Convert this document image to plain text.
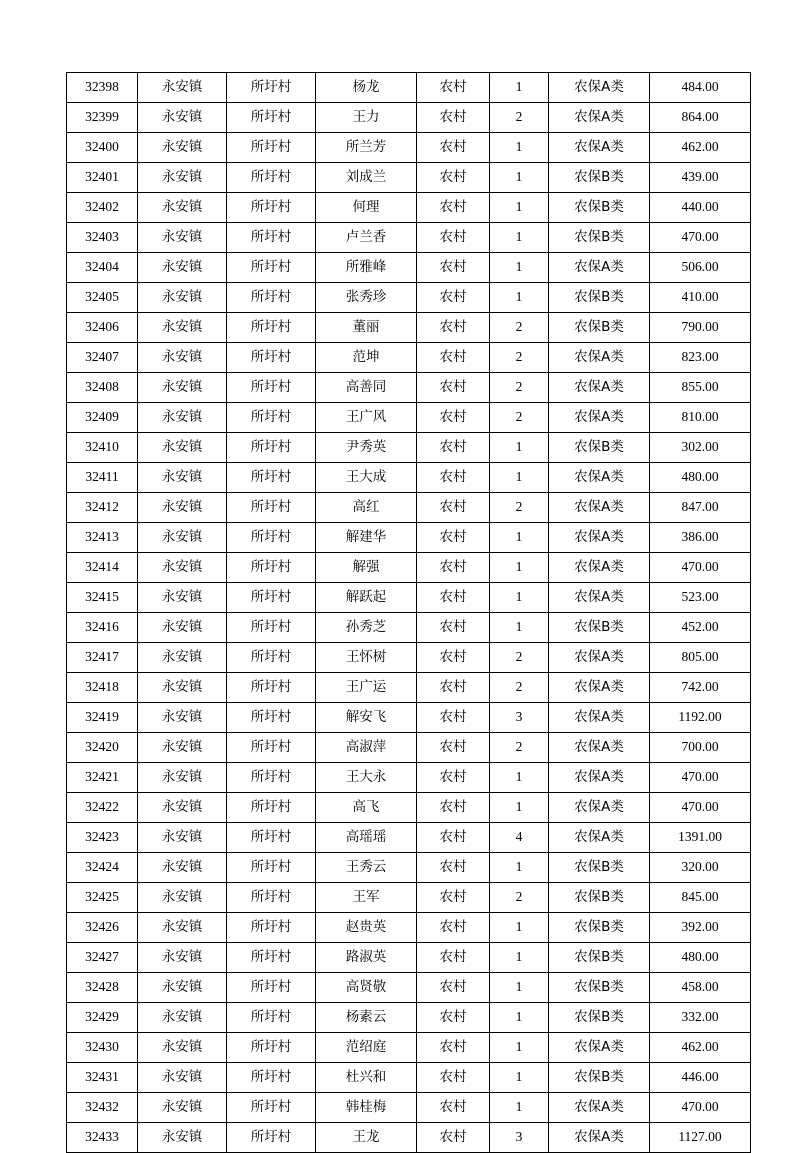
32398	永安镇	所圩村	杨龙	农村	1	农保A类	484.00
32399	永安镇	所圩村	王力	农村	2	农保A类	864.00
32400	永安镇	所圩村	所兰芳	农村	1	农保A类	462.00
32401	永安镇	所圩村	刘成兰	农村	1	农保B类	439.00
32402	永安镇	所圩村	何理	农村	1	农保B类	440.00
32403	永安镇	所圩村	卢兰香	农村	1	农保B类	470.00
32404	永安镇	所圩村	所雅峰	农村	1	农保A类	506.00
32405	永安镇	所圩村	张秀珍	农村	1	农保B类	410.00
32406	永安镇	所圩村	董丽	农村	2	农保B类	790.00
32407	永安镇	所圩村	范坤	农村	2	农保A类	823.00
32408	永安镇	所圩村	高善同	农村	2	农保A类	855.00
32409	永安镇	所圩村	王广风	农村	2	农保A类	810.00
32410	永安镇	所圩村	尹秀英	农村	1	农保B类	302.00
32411	永安镇	所圩村	王大成	农村	1	农保A类	480.00
32412	永安镇	所圩村	高红	农村	2	农保A类	847.00
32413	永安镇	所圩村	解建华	农村	1	农保A类	386.00
32414	永安镇	所圩村	解强	农村	1	农保A类	470.00
32415	永安镇	所圩村	解跃起	农村	1	农保A类	523.00
32416	永安镇	所圩村	孙秀芝	农村	1	农保B类	452.00
32417	永安镇	所圩村	王怀树	农村	2	农保A类	805.00
32418	永安镇	所圩村	王广运	农村	2	农保A类	742.00
32419	永安镇	所圩村	解安飞	农村	3	农保A类	1192.00
32420	永安镇	所圩村	高淑萍	农村	2	农保A类	700.00
32421	永安镇	所圩村	王大永	农村	1	农保A类	470.00
32422	永安镇	所圩村	高飞	农村	1	农保A类	470.00
32423	永安镇	所圩村	高瑶瑶	农村	4	农保A类	1391.00
32424	永安镇	所圩村	王秀云	农村	1	农保B类	320.00
32425	永安镇	所圩村	王军	农村	2	农保B类	845.00
32426	永安镇	所圩村	赵贵英	农村	1	农保B类	392.00
32427	永安镇	所圩村	路淑英	农村	1	农保B类	480.00
32428	永安镇	所圩村	高贤敬	农村	1	农保B类	458.00
32429	永安镇	所圩村	杨素云	农村	1	农保B类	332.00
32430	永安镇	所圩村	范绍庭	农村	1	农保A类	462.00
32431	永安镇	所圩村	杜兴和	农村	1	农保B类	446.00
32432	永安镇	所圩村	韩桂梅	农村	1	农保A类	470.00
32433	永安镇	所圩村	王龙	农村	3	农保A类	1127.00
